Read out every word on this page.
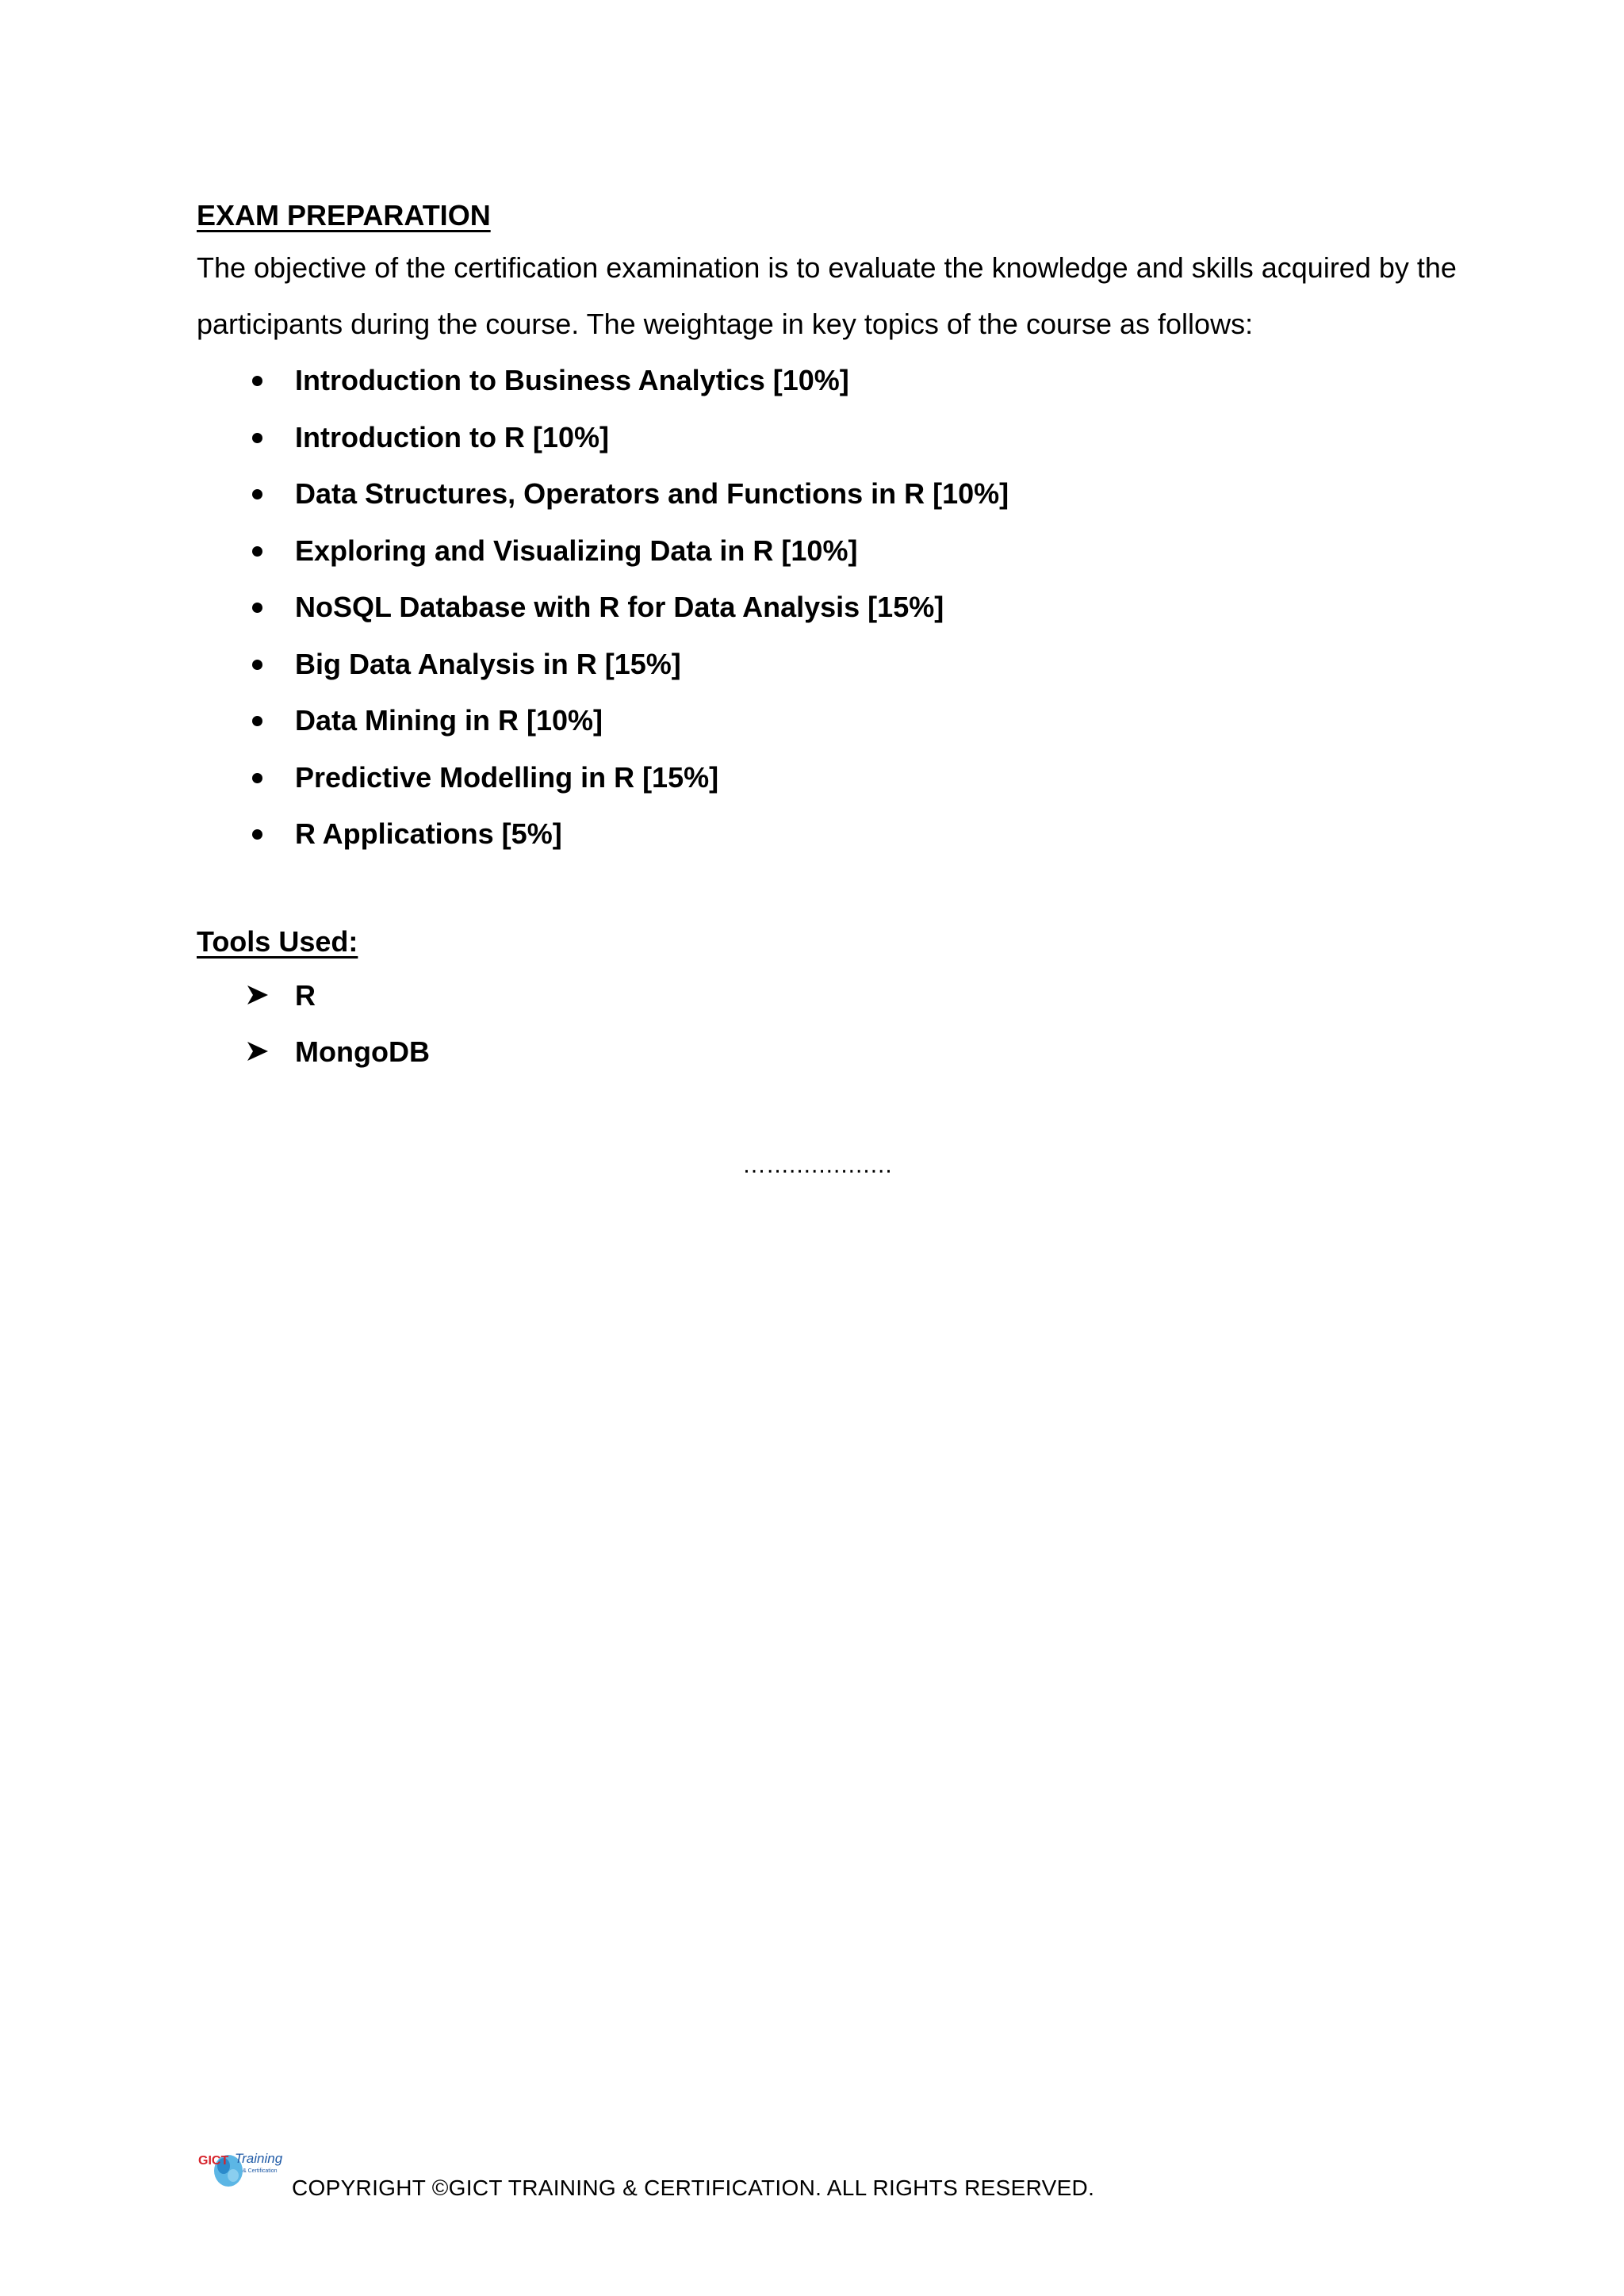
EXAM PREPARATION

The objective of the certification examination is to evaluate the knowledge and skills acquired by the participants during the course. The weightage in key topics of the course as follows:

Introduction to Business Analytics [10%]
Introduction to R [10%]
Data Structures, Operators and Functions in R [10%]
Exploring and Visualizing Data in R [10%]
NoSQL Database with R for Data Analysis [15%]
Big Data Analysis in R [15%]
Data Mining in R [10%]
Predictive Modelling in R [15%]
R Applications [5%]
Tools Used:
R
MongoDB
….................
GICT Training
& Certification
COPYRIGHT ©GICT TRAINING & CERTIFICATION. ALL RIGHTS RESERVED.
